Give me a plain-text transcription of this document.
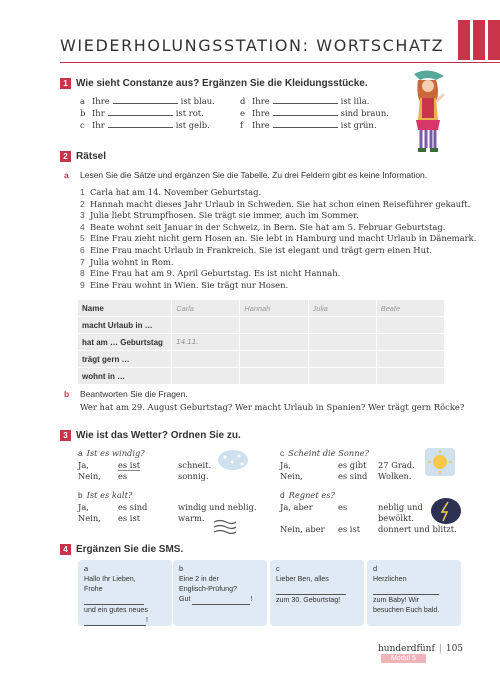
WIEDERHOLUNGSSTATION: WORTSCHATZ
1 Wie sieht Constanze aus? Ergänzen Sie die Kleidungsstücke.
a Ihre	ist blau.	d Ihre	ist lila.
b Ihr	ist rot.	e Ihre	sind braun.
c Ihr	ist gelb.	f	Ihre	ist grün.
2 Rätsel
a Lesen Sie die Sätze und ergänzen Sie die Tabelle. Zu drei Feldern gibt es keine Information.
1 Carla hat am 14. November Geburtstag.
2 Hannah macht dieses Jahr Urlaub in Schweden. Sie hat schon einen Reiseführer gekauft.
3 Julia liebt Strumpfhosen. Sie trägt sie immer, auch im Sommer.
4 Beate wohnt seit Januar in der Schweiz, in Bern. Sie hat am 5. Februar Geburtstag.
5 Eine Frau zieht nicht gern Hosen an. Sie lebt in Hamburg und macht Urlaub in Dänemark.
6 Eine Frau macht Urlaub in Frankreich. Sie ist elegant und trägt gern einen Hut.
7 Julia wohnt in Rom.
8 Eine Frau hat am 9. April Geburtstag. Es ist nicht Hannah.
9 Eine Frau wohnt in Wien. Sie trägt nur Hosen.
Name	Carla	Hannah	Julia	Beate
macht Urlaub in …				
hat am … Geburtstag	14.11.			
trägt gern …				
wohnt in …				
b Beantworten Sie die Fragen.
Wer hat am 29. August Geburtstag? Wer macht Urlaub in Spanien? Wer trägt gern Röcke?
3 Wie ist das Wetter? Ordnen Sie zu.
a Ist es windig?
Ja,	es ist	schneit.
Nein,	es	sonnig.
b Ist es kalt?
Ja,	es sind	windig und neblig.
Nein,	es ist	warm.
c Scheint die Sonne?
Ja,	es gibt	27 Grad.
Nein,	es sind	Wolken.
d Regnet es?
Ja, aber	es	neblig und
bewölkt.
Nein, aber	es ist	donnert und blitzt.
4 Ergänzen Sie die SMS.
a
Hallo Ihr Lieben,
Frohe

und ein gutes neues
!
b
Eine 2 in der
Englisch-Prüfung?
Gut	!
c
Lieber Ben, alles

zum 30. Geburtstag!
d
Herzlichen

zum Baby! Wir
besuchen Euch bald.
hunderdfünf | 105Modul 5
